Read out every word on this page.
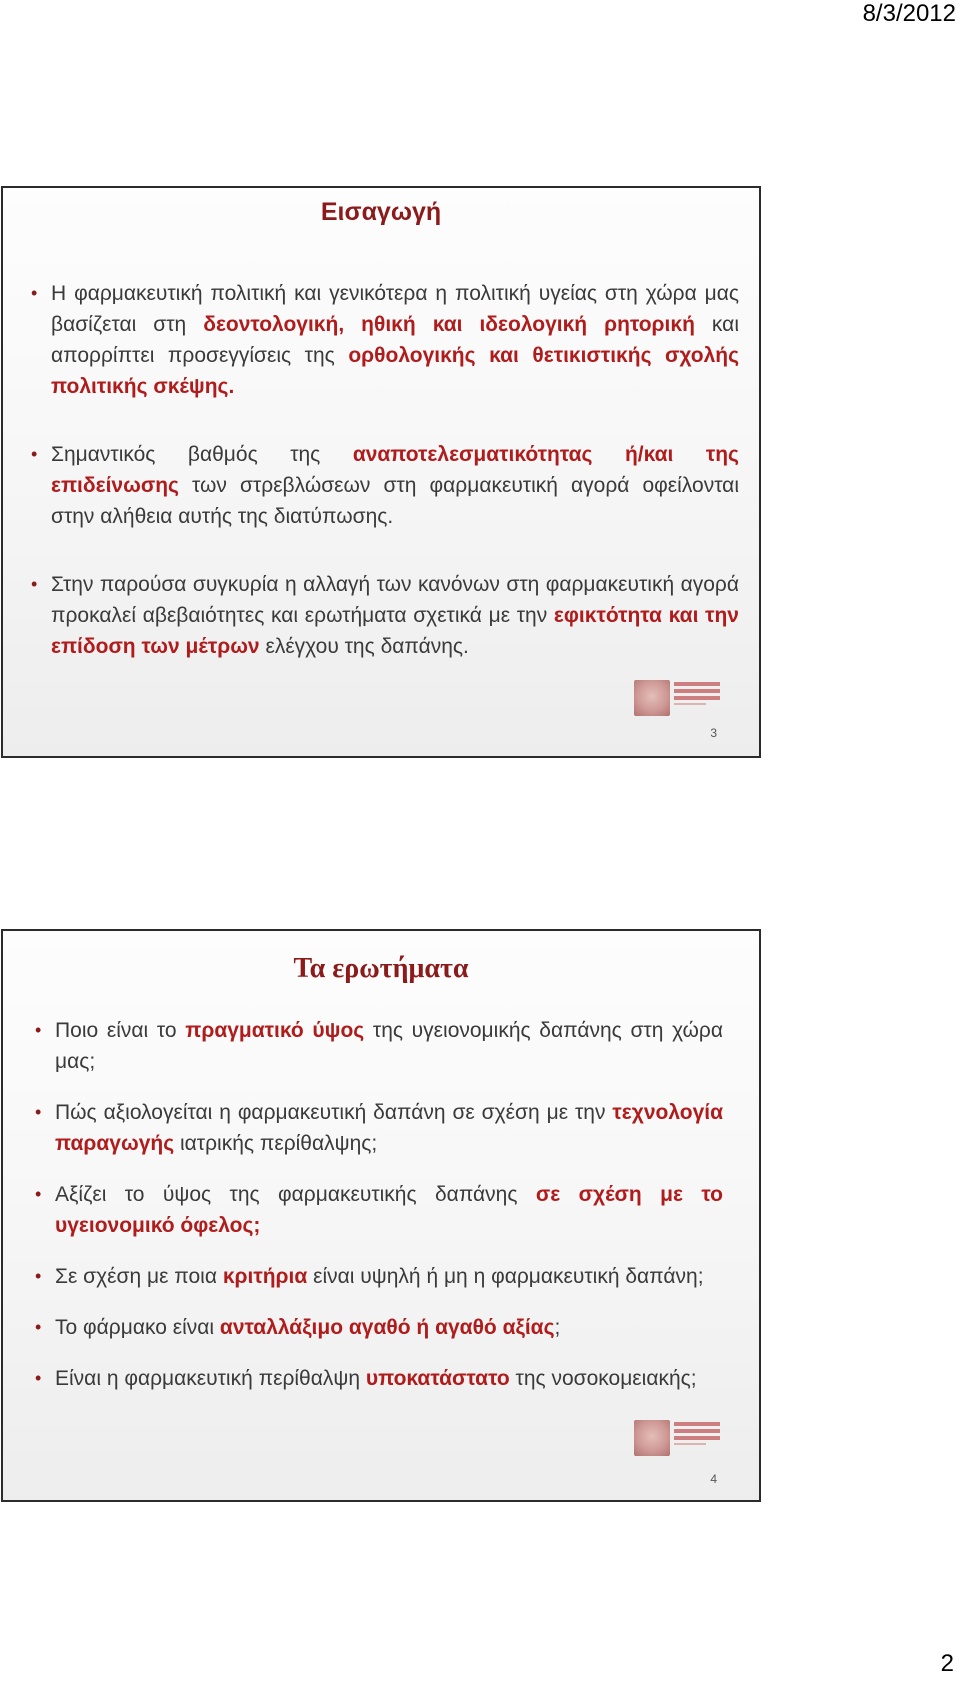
8/3/2012
Εισαγωγή
• Η φαρμακευτική πολιτική και γενικότερα η πολιτική υγείας στη χώρα μας βασίζεται στη δεοντολογική, ηθική και ιδεολογική ρητορική και απορρίπτει προσεγγίσεις της ορθολογικής και θετικιστικής σχολής πολιτικής σκέψης.
• Σημαντικός βαθμός της αναποτελεσματικότητας ή/και της επιδείνωσης των στρεβλώσεων στη φαρμακευτική αγορά οφείλονται στην αλήθεια αυτής της διατύπωσης.
• Στην παρούσα συγκυρία η αλλαγή των κανόνων στη φαρμακευτική αγορά προκαλεί αβεβαιότητες και ερωτήματα σχετικά με την εφικτότητα και την επίδοση των μέτρων ελέγχου της δαπάνης.
3
Τα ερωτήματα
• Ποιο είναι το πραγματικό ύψος της υγειονομικής δαπάνης στη χώρα μας;
• Πώς αξιολογείται η φαρμακευτική δαπάνη σε σχέση με την τεχνολογία παραγωγής ιατρικής περίθαλψης;
• Αξίζει το ύψος της φαρμακευτικής δαπάνης σε σχέση με το υγειονομικό όφελος;
• Σε σχέση με ποια κριτήρια είναι υψηλή ή μη η φαρμακευτική δαπάνη;
• Το φάρμακο είναι ανταλλάξιμο αγαθό ή αγαθό αξίας;
• Είναι η φαρμακευτική περίθαλψη υποκατάστατο της νοσοκομειακής;
4
2
